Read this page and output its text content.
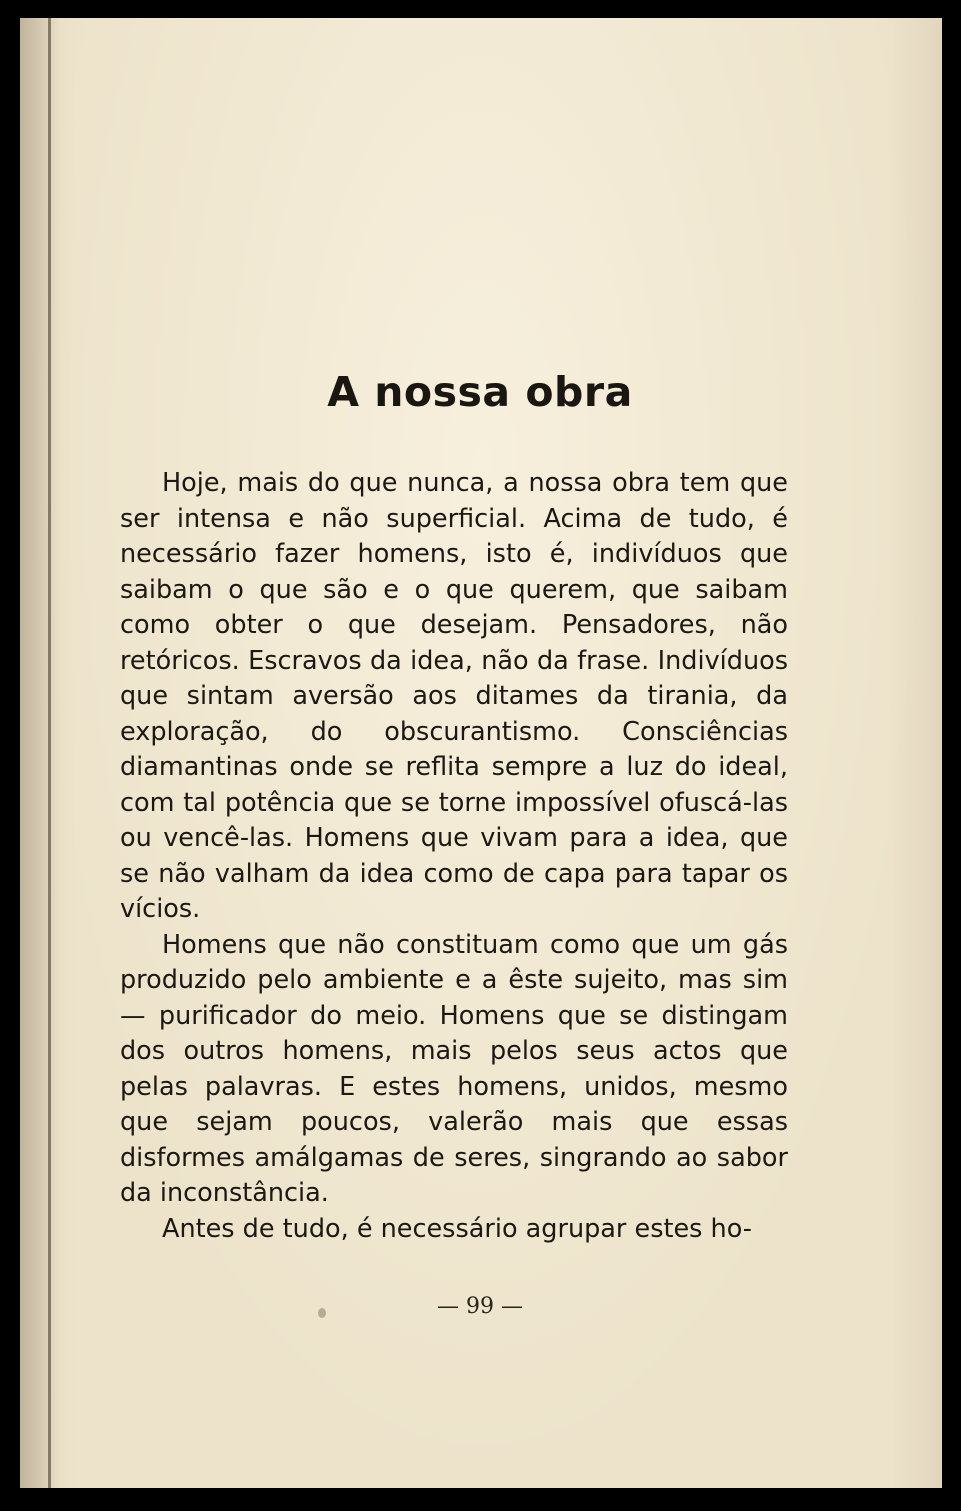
A nossa obra

Hoje, mais do que nunca, a nossa obra tem que ser intensa e não superficial. Acima de tudo, é necessário fazer homens, isto é, indivíduos que saibam o que são e o que querem, que saibam como obter o que desejam. Pensadores, não retóricos. Escravos da idea, não da frase. Indivíduos que sintam aversão aos ditames da tirania, da exploração, do obscurantismo. Consciências diamantinas onde se reflita sempre a luz do ideal, com tal potência que se torne impossível ofuscá-las ou vencê-las. Homens que vivam para a idea, que se não valham da idea como de capa para tapar os vícios.

Homens que não constituam como que um gás produzido pelo ambiente e a êste sujeito, mas sim — purificador do meio. Homens que se distingam dos outros homens, mais pelos seus actos que pelas palavras. E estes homens, unidos, mesmo que sejam poucos, valerão mais que essas disformes amálgamas de seres, singrando ao sabor da inconstância.

Antes de tudo, é necessário agrupar estes ho-

— 99 —
